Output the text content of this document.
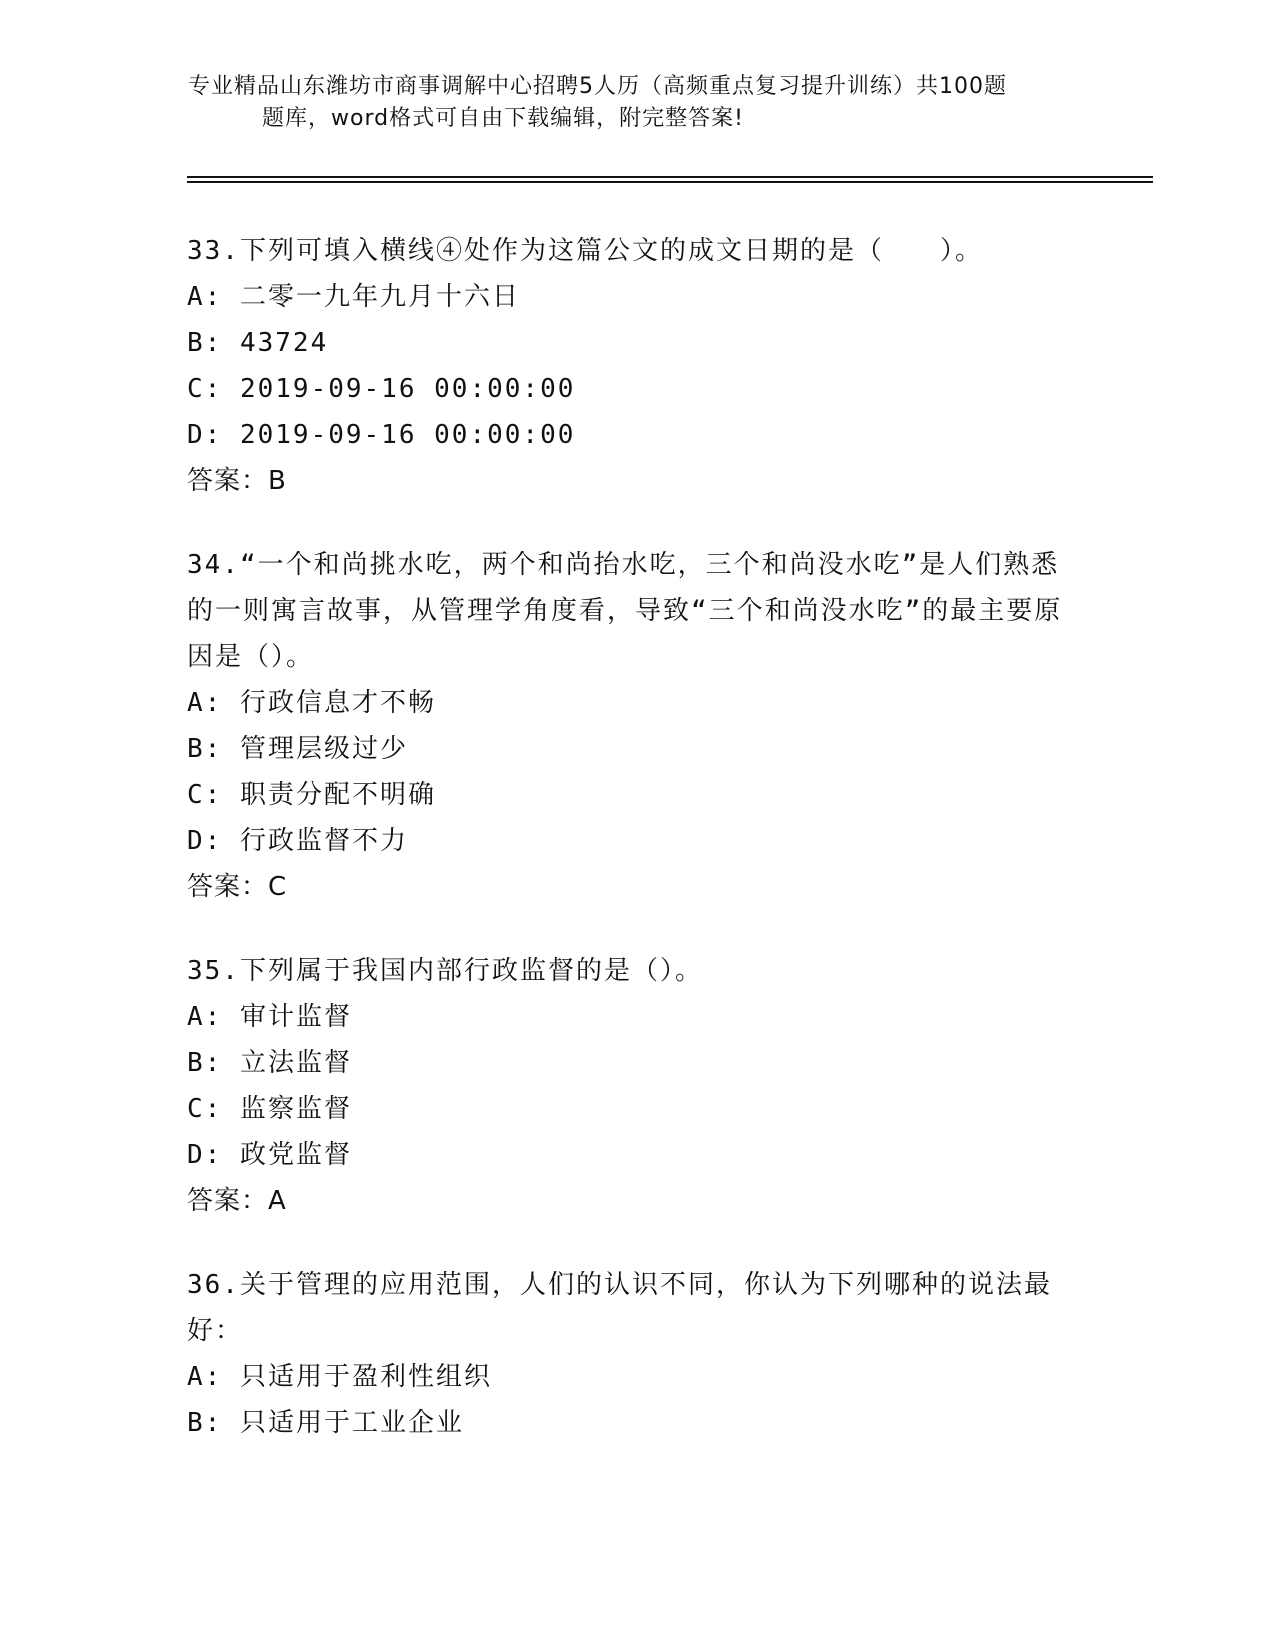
专业精品山东潍坊市商事调解中心招聘5人历（高频重点复习提升训练）共100题
题库，word格式可自由下载编辑，附完整答案!
33.下列可填入横线④处作为这篇公文的成文日期的是（　　）。
A: 二零一九年九月十六日
B: 43724
C: 2019-09-16 00:00:00
D: 2019-09-16 00:00:00
答案：B
34.“一个和尚挑水吃，两个和尚抬水吃，三个和尚没水吃”是人们熟悉的一则寓言故事，从管理学角度看，导致“三个和尚没水吃”的最主要原因是（）。
A: 行政信息才不畅
B: 管理层级过少
C: 职责分配不明确
D: 行政监督不力
答案：C
35.下列属于我国内部行政监督的是（）。
A: 审计监督
B: 立法监督
C: 监察监督
D: 政党监督
答案：A
36.关于管理的应用范围，人们的认识不同，你认为下列哪种的说法最好：
A: 只适用于盈利性组织
B: 只适用于工业企业
